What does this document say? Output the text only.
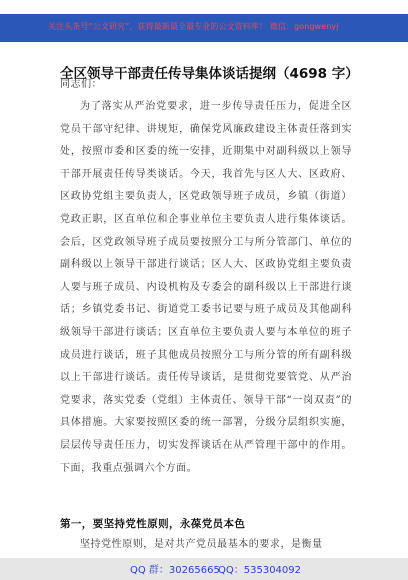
关注头条号“公文研究”，获得最新最全最专业的公文资料库！ 微信：gongwenyj
全区领导干部责任传导集体谈话提纲（4698 字）

同志们：

为了落实从严治党要求，进一步传导责任压力，促进全区党员干部守纪律、讲规矩，确保党风廉政建设主体责任落到实处，按照市委和区委的统一安排，近期集中对副科级以上领导干部开展责任传导类谈话。今天，我首先与区人大、区政府、区政协党组主要负责人，区党政领导班子成员，乡镇（街道）党政正职，区直单位和企事业单位主要负责人进行集体谈话。会后，区党政领导班子成员要按照分工与所分管部门、单位的副科级以上领导干部进行谈话；区人大、区政协党组主要负责人要与班子成员、内设机构及专委会的副科级以上干部进行谈话；乡镇党委书记、街道党工委书记要与班子成员及其他副科级领导干部进行谈话；区直单位主要负责人要与本单位的班子成员进行谈话，班子其他成员按照分工与所分管的所有副科级以上干部进行谈话。责任传导谈话，是贯彻党要管党、从严治党要求，落实党委（党组）主体责任、领导干部“一岗双责”的具体措施。大家要按照区委的统一部署，分级分层组织实施，层层传导责任压力，切实发挥谈话在从严管理干部中的作用。下面，我重点强调六个方面。

第一，要坚持党性原则，永葆党员本色

坚持党性原则，是对共产党员最基本的要求，是衡量

QQ 群：30265665
QQ：535304092
